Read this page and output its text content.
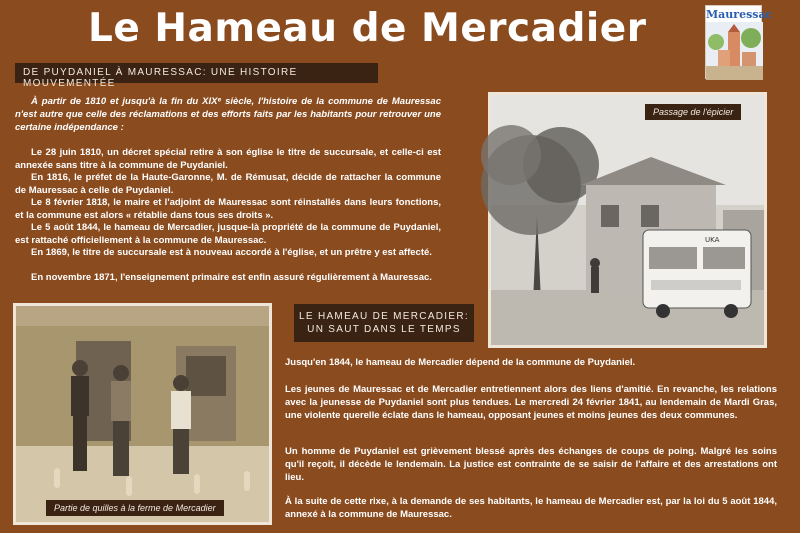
Le Hameau de Mercadier	Mauressac
DE PUYDANIEL À MAURESSAC: UNE HISTOIRE MOUVEMENTÉE

À partir de 1810 et jusqu'à la fin du XIXᵉ siècle, l'histoire de la commune de Mauressac n'est autre que celle des réclamations et des efforts faits par les habitants pour retrouver une certaine indépendance :

Le 28 juin 1810, un décret spécial retire à son église le titre de succursale, et celle-ci est annexée sans titre à la commune de Puydaniel.

En 1816, le préfet de la Haute-Garonne, M. de Rémusat, décide de rattacher la commune de Mauressac à celle de Puydaniel.

Le 8 février 1818, le maire et l'adjoint de Mauressac sont réinstallés dans leurs fonctions, et la commune est alors « rétablie dans tous ses droits ».

Le 5 août 1844, le hameau de Mercadier, jusque-là propriété de la commune de Puydaniel, est rattaché officiellement à la commune de Mauressac.

En 1869, le titre de succursale est à nouveau accordé à l'église, et un prêtre y est affecté.

En novembre 1871, l'enseignement primaire est enfin assuré régulièrement à Mauressac.

UKA
Passage de l'épicier
LE HAMEAU DE MERCADIER:
UN SAUT DANS LE TEMPS
Partie de quilles à la ferme de Mercadier

Jusqu'en 1844, le hameau de Mercadier dépend de la commune de Puydaniel.

Les jeunes de Mauressac et de Mercadier entretiennent alors des liens d'amitié. En revanche, les relations avec la jeunesse de Puydaniel sont plus tendues. Le mercredi 24 février 1841, au lendemain de Mardi Gras, une violente querelle éclate dans le hameau, opposant jeunes et moins jeunes des deux communes.

Un homme de Puydaniel est grièvement blessé après des échanges de coups de poing. Malgré les soins qu'il reçoit, il décède le lendemain. La justice est contrainte de se saisir de l'affaire et des arrestations ont lieu.

À la suite de cette rixe, à la demande de ses habitants, le hameau de Mercadier est, par la loi du 5 août 1844, annexé à la commune de Mauressac.
